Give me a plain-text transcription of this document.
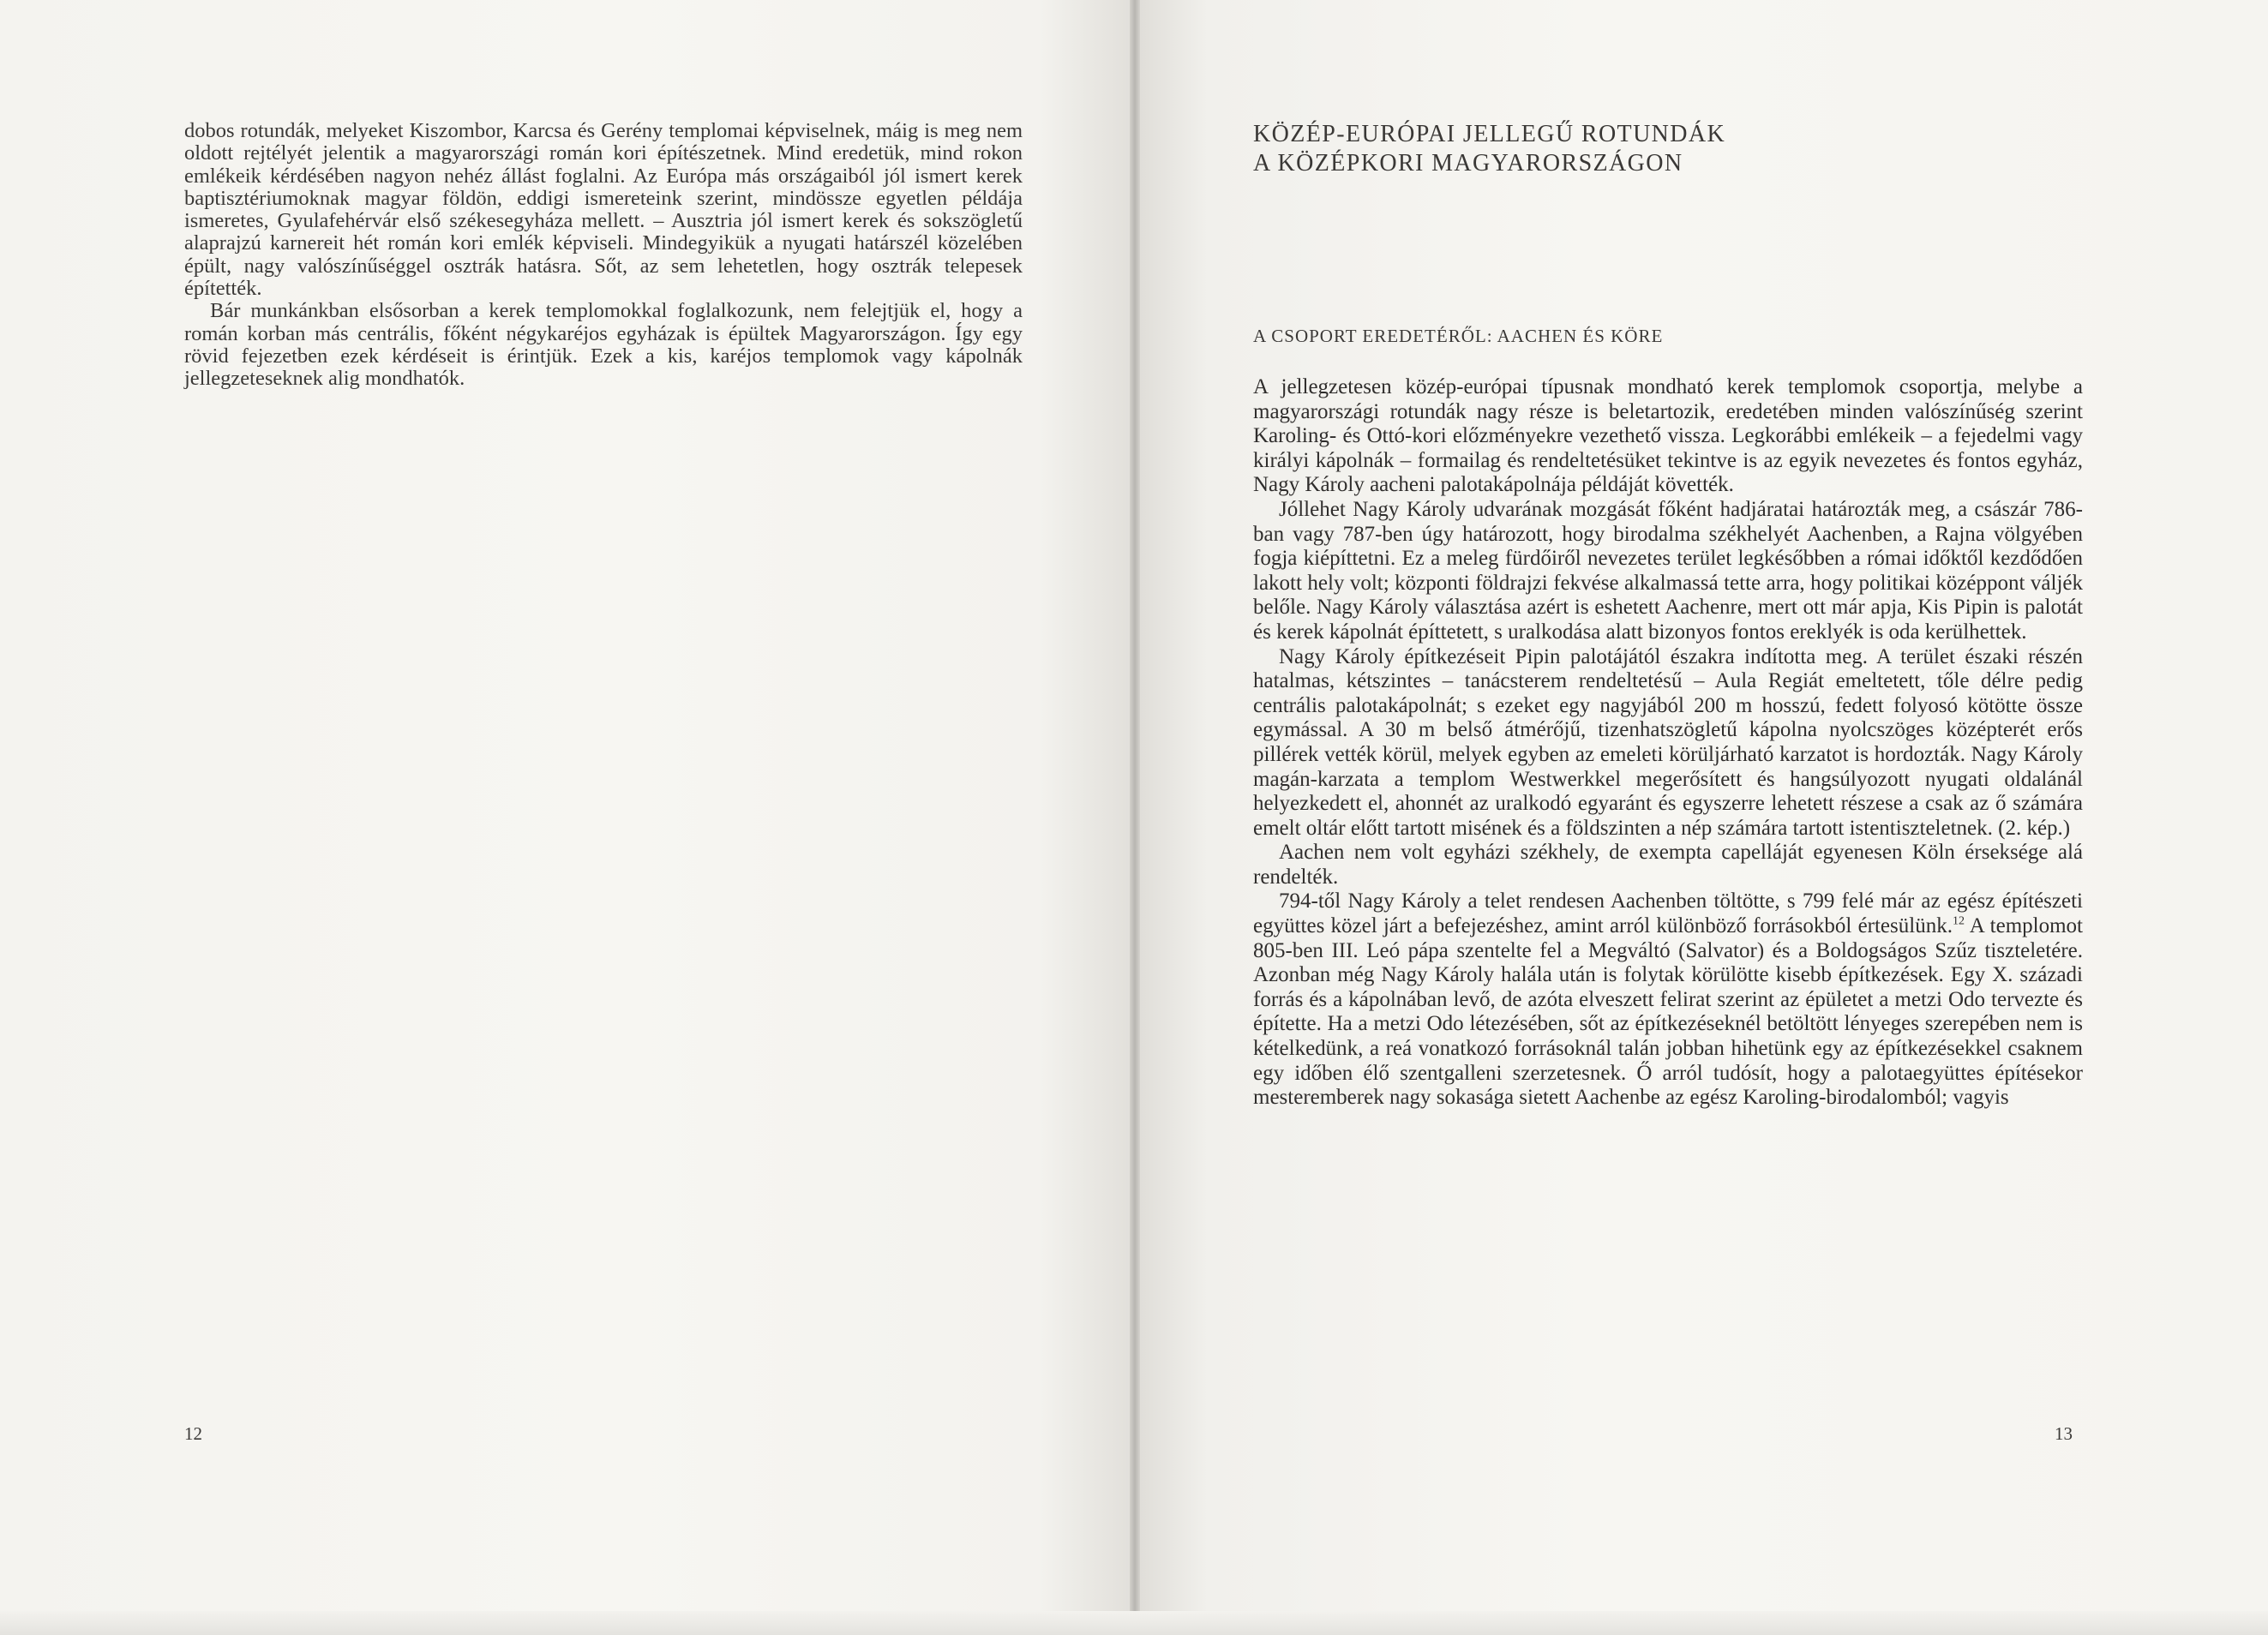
dobos rotundák, melyeket Kiszombor, Karcsa és Gerény templomai képviselnek, máig is meg nem oldott rejtélyét jelentik a magyarországi román kori építészetnek. Mind eredetük, mind rokon emlékeik kérdésében nagyon nehéz állást foglalni. Az Európa más országaiból jól ismert kerek baptisztériumoknak magyar földön, eddigi ismereteink szerint, mindössze egyetlen példája ismeretes, Gyulafehérvár első székesegyháza mellett. – Ausztria jól ismert kerek és sokszögletű alaprajzú karnereit hét román kori emlék képviseli. Mindegyikük a nyugati határszél közelében épült, nagy valószínűséggel osztrák hatásra. Sőt, az sem lehetetlen, hogy osztrák telepesek építették.

Bár munkánkban elsősorban a kerek templomokkal foglalkozunk, nem felejtjük el, hogy a román korban más centrális, főként négykaréjos egyházak is épültek Magyarországon. Így egy rövid fejezetben ezek kérdéseit is érintjük. Ezek a kis, karéjos templomok vagy kápolnák jellegzeteseknek alig mondhatók.

12
KÖZÉP-EURÓPAI JELLEGŰ ROTUNDÁK
A KÖZÉPKORI MAGYARORSZÁGON
A CSOPORT EREDETÉRŐL: AACHEN ÉS KÖRE

A jellegzetesen közép-európai típusnak mondható kerek templomok csoportja, melybe a magyarországi rotundák nagy része is beletartozik, eredetében minden valószínűség szerint Karoling- és Ottó-kori előzményekre vezethető vissza. Legkorábbi emlékeik – a fejedelmi vagy királyi kápolnák – formailag és rendeltetésüket tekintve is az egyik nevezetes és fontos egyház, Nagy Károly aacheni palotakápolnája példáját követték.

Jóllehet Nagy Károly udvarának mozgását főként hadjáratai határozták meg, a császár 786-ban vagy 787-ben úgy határozott, hogy birodalma székhelyét Aachenben, a Rajna völgyében fogja kiépíttetni. Ez a meleg fürdőiről nevezetes terület legkésőbben a római időktől kezdődően lakott hely volt; központi földrajzi fekvése alkalmassá tette arra, hogy politikai középpont váljék belőle. Nagy Károly választása azért is eshetett Aachenre, mert ott már apja, Kis Pipin is palotát és kerek kápolnát építtetett, s uralkodása alatt bizonyos fontos ereklyék is oda kerülhettek.

Nagy Károly építkezéseit Pipin palotájától északra indította meg. A terület északi részén hatalmas, kétszintes – tanácsterem rendeltetésű – Aula Regiát emeltetett, tőle délre pedig centrális palotakápolnát; s ezeket egy nagyjából 200 m hosszú, fedett folyosó kötötte össze egymással. A 30 m belső átmérőjű, tizenhatszögletű kápolna nyolcszöges középterét erős pillérek vették körül, melyek egyben az emeleti körüljárható karzatot is hordozták. Nagy Károly magán-karzata a templom Westwerkkel megerősített és hangsúlyozott nyugati oldalánál helyezkedett el, ahonnét az uralkodó egyaránt és egyszerre lehetett részese a csak az ő számára emelt oltár előtt tartott misének és a földszinten a nép számára tartott istentiszteletnek. (2. kép.)

Aachen nem volt egyházi székhely, de exempta capelláját egyenesen Köln érseksége alá rendelték.

794-től Nagy Károly a telet rendesen Aachenben töltötte, s 799 felé már az egész építészeti együttes közel járt a befejezéshez, amint arról különböző forrásokból értesülünk.$^{12}$ A templomot 805-ben III. Leó pápa szentelte fel a Megváltó (Salvator) és a Boldogságos Szűz tiszteletére. Azonban még Nagy Károly halála után is folytak körülötte kisebb építkezések. Egy X. századi forrás és a kápolnában levő, de azóta elveszett felirat szerint az épületet a metzi Odo tervezte és építette. Ha a metzi Odo létezésében, sőt az építkezéseknél betöltött lényeges szerepében nem is kételkedünk, a reá vonatkozó forrásoknál talán jobban hihetünk egy az építkezésekkel csaknem egy időben élő szentgalleni szerzetesnek. Ő arról tudósít, hogy a palotaegyüttes építésekor mesteremberek nagy sokasága sietett Aachenbe az egész Karoling-birodalomból; vagyis

13
